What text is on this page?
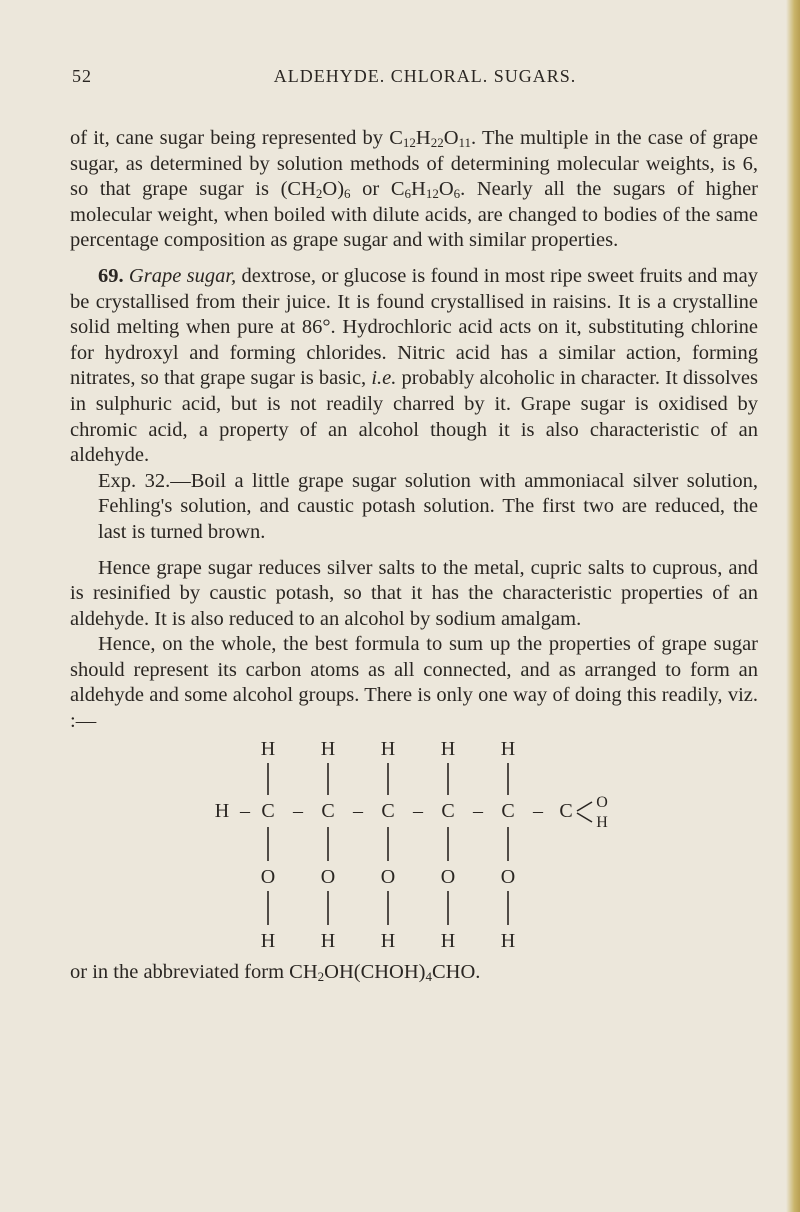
52	ALDEHYDE. CHLORAL. SUGARS.

of it, cane sugar being represented by $C_{12}H_{22}O_{11}$. The multiple in the case of grape sugar, as determined by solution methods of determining molecular weights, is 6, so that grape sugar is $(CH_2O)_6$ or $C_6H_{12}O_6$. Nearly all the sugars of higher molecular weight, when boiled with dilute acids, are changed to bodies of the same percentage composition as grape sugar and with similar properties.

69. Grape sugar, dextrose, or glucose is found in most ripe sweet fruits and may be crystallised from their juice. It is found crystallised in raisins. It is a crystalline solid melting when pure at 86°. Hydrochloric acid acts on it, substituting chlorine for hydroxyl and forming chlorides. Nitric acid has a similar action, forming nitrates, so that grape sugar is basic, i.e. probably alcoholic in character. It dissolves in sulphuric acid, but is not readily charred by it. Grape sugar is oxidised by chromic acid, a property of an alcohol though it is also characteristic of an aldehyde.

Exp. 32.—Boil a little grape sugar solution with ammoniacal silver solution, Fehling's solution, and caustic potash solution. The first two are reduced, the last is turned brown.

Hence grape sugar reduces silver salts to the metal, cupric salts to cuprous, and is resinified by caustic potash, so that it has the characteristic properties of an aldehyde. It is also reduced to an alcohol by sodium amalgam.

Hence, on the whole, the best formula to sum up the properties of grape sugar should represent its carbon atoms as all connected, and as arranged to form an aldehyde and some alcohol groups. There is only one way of doing this readily, viz. :—

H H H H H
H – C – C – C – C – C – C O
H
O O O O O
H H H H H

or in the abbreviated form $CH_2OH(CHOH)_4CHO$.
